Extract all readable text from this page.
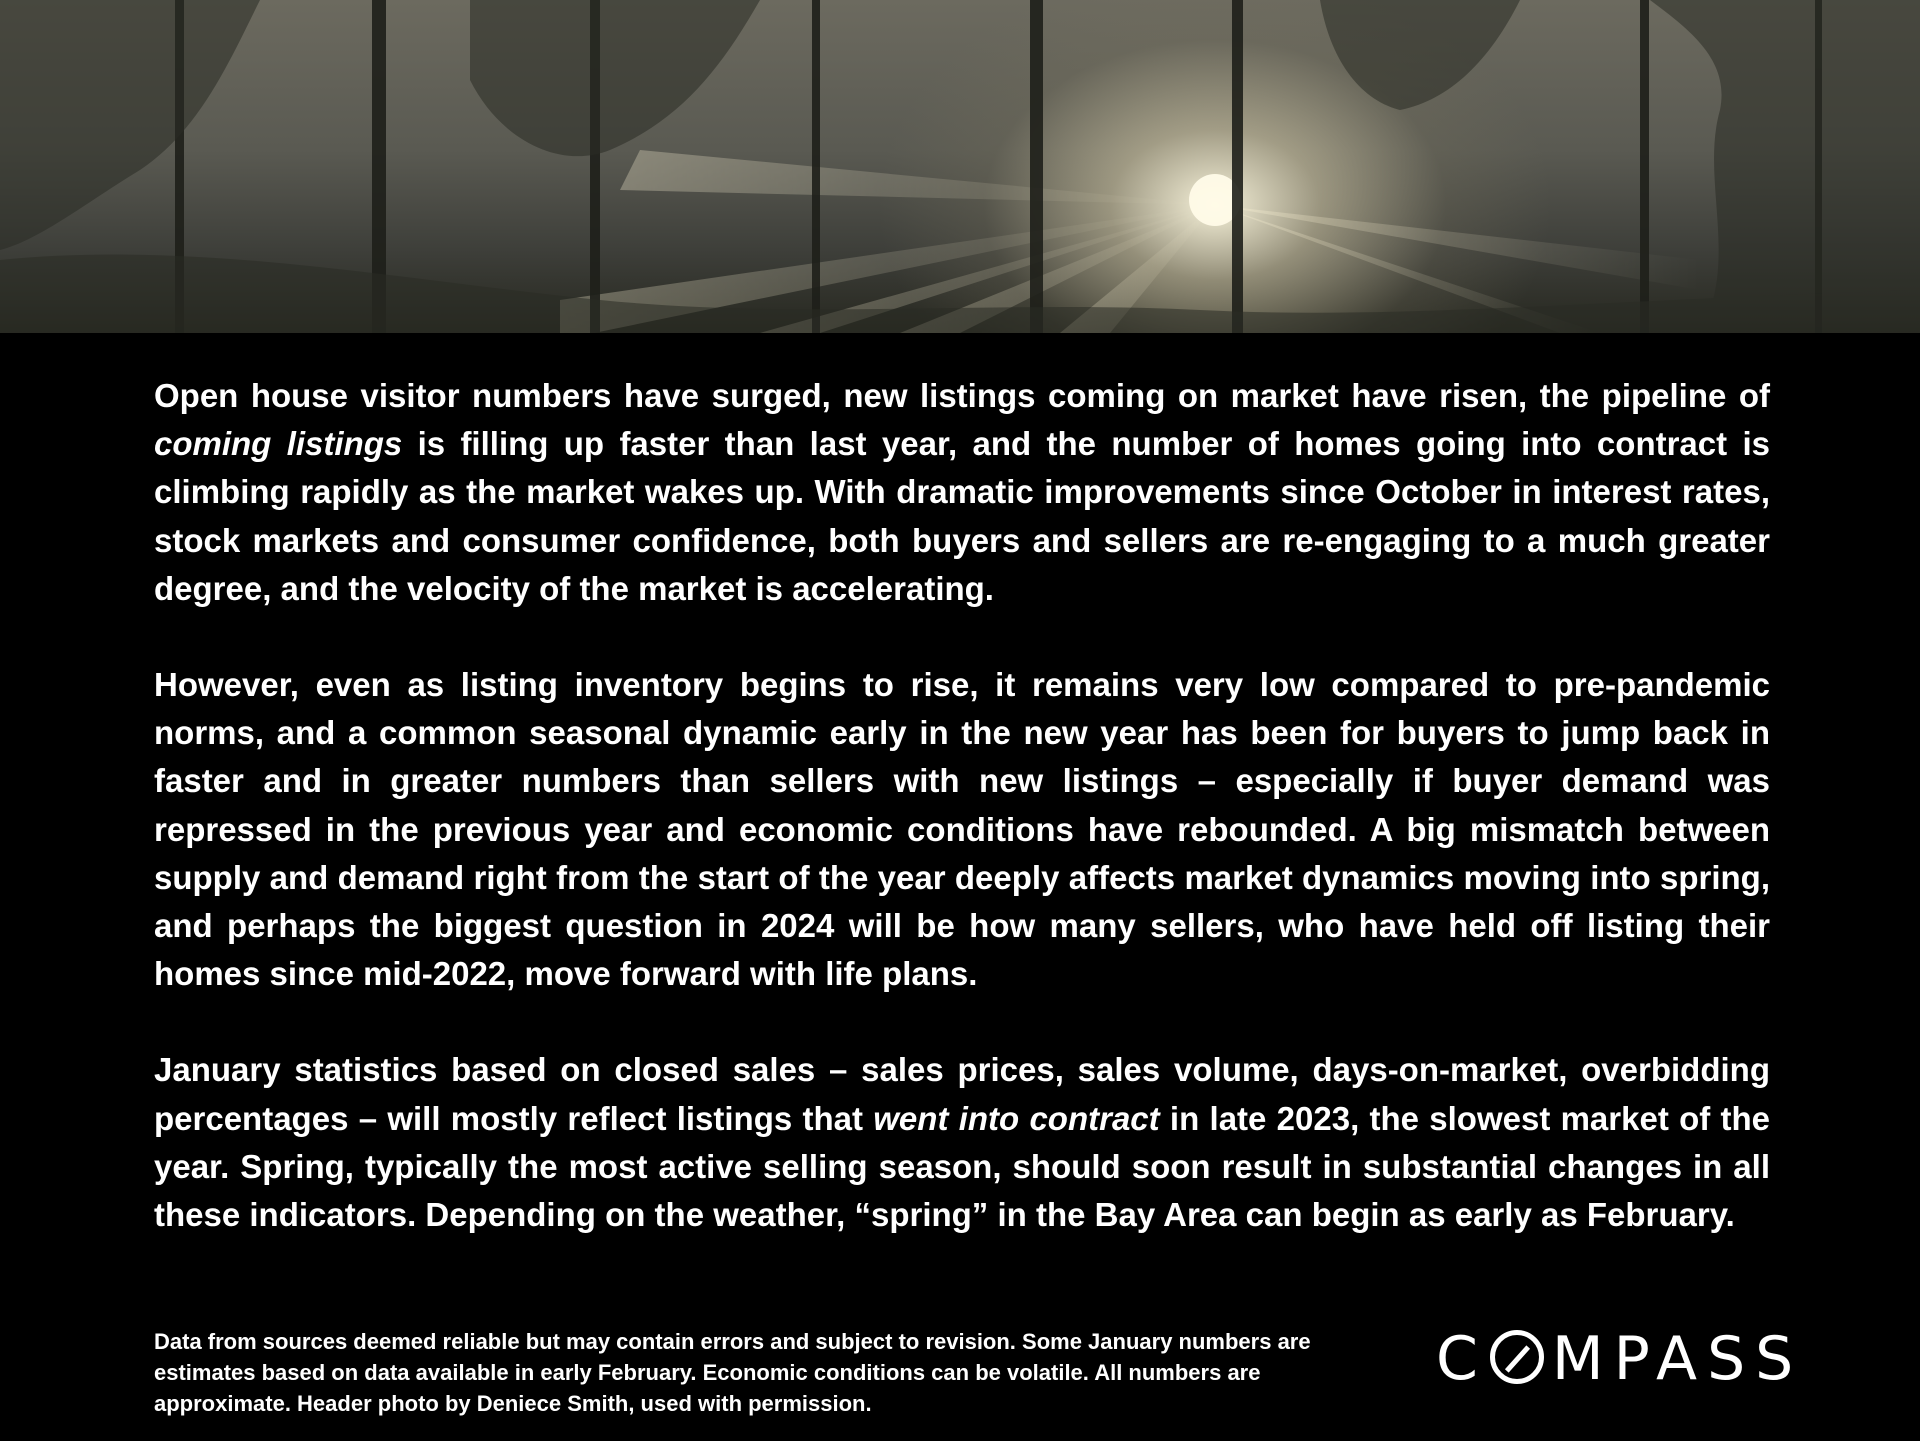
Open house visitor numbers have surged, new listings coming on market have risen, the pipeline of coming listings is filling up faster than last year, and the number of homes going into contract is climbing rapidly as the market wakes up. With dramatic improvements since October in interest rates, stock markets and consumer confidence, both buyers and sellers are re-engaging to a much greater degree, and the velocity of the market is accelerating.

However, even as listing inventory begins to rise, it remains very low compared to pre-pandemic norms, and a common seasonal dynamic early in the new year has been for buyers to jump back in faster and in greater numbers than sellers with new listings – especially if buyer demand was repressed in the previous year and economic conditions have rebounded. A big mismatch between supply and demand right from the start of the year deeply affects market dynamics moving into spring, and perhaps the biggest question in 2024 will be how many sellers, who have held off listing their homes since mid-2022, move forward with life plans.

January statistics based on closed sales – sales prices, sales volume, days-on-market, overbidding percentages – will mostly reflect listings that went into contract in late 2023, the slowest market of the year. Spring, typically the most active selling season, should soon result in substantial changes in all these indicators. Depending on the weather, “spring” in the Bay Area can begin as early as February.

Data from sources deemed reliable but may contain errors and subject to revision. Some January numbers are estimates based on data available in early February. Economic conditions can be volatile. All numbers are approximate. Header photo by Deniece Smith, used with permission.
C MPASS
